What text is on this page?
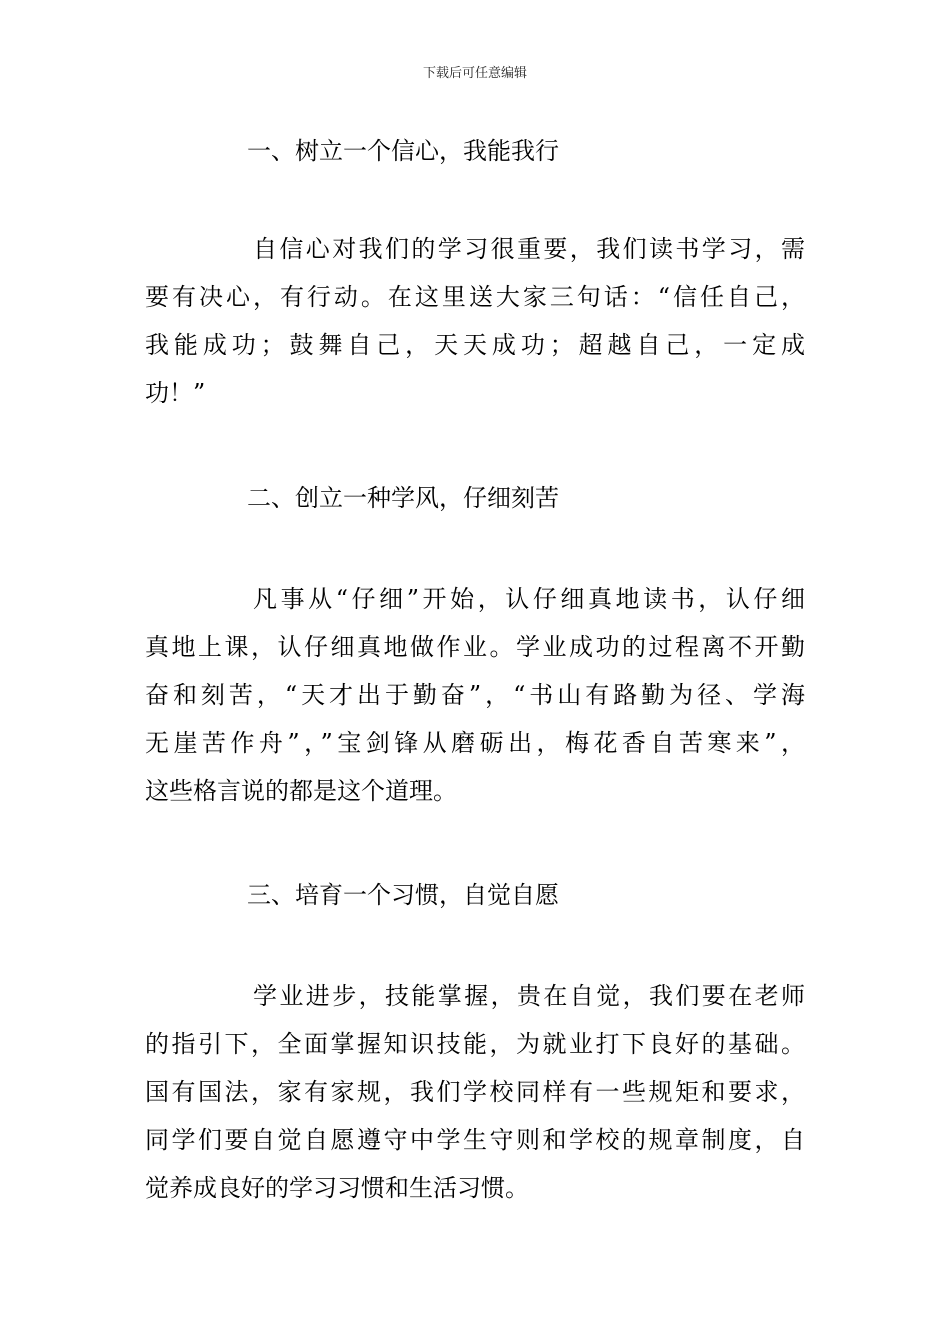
下载后可任意编辑
一、树立一个信心，我能我行
自信心对我们的学习很重要，我们读书学习，需
要有决心，有行动。在这里送大家三句话：“信任自己，
我能成功；鼓舞自己，天天成功；超越自己，一定成
功！”
二、创立一种学风，仔细刻苦
凡事从“仔细”开始，认仔细真地读书，认仔细
真地上课，认仔细真地做作业。学业成功的过程离不开勤
奋和刻苦，“天才出于勤奋”，“书山有路勤为径、学海
无崖苦作舟”，”宝剑锋从磨砺出，梅花香自苦寒来”，
这些格言说的都是这个道理。
三、培育一个习惯，自觉自愿
学业进步，技能掌握，贵在自觉，我们要在老师
的指引下，全面掌握知识技能，为就业打下良好的基础。
国有国法，家有家规，我们学校同样有一些规矩和要求，
同学们要自觉自愿遵守中学生守则和学校的规章制度，自
觉养成良好的学习习惯和生活习惯。
